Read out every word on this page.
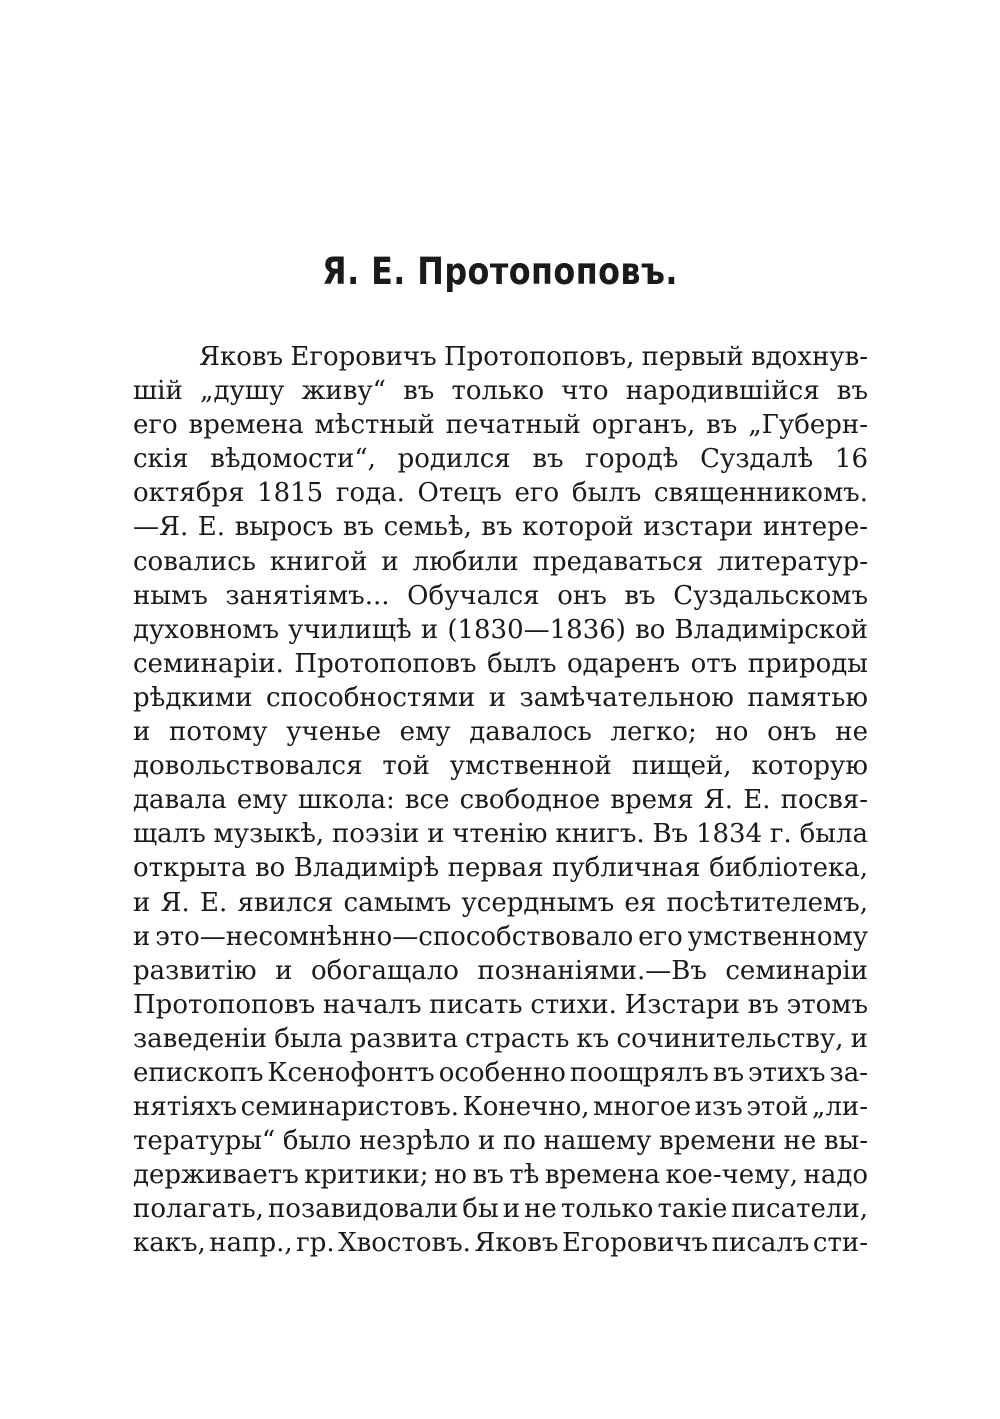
Я. Е. Протопоповъ.
Яковъ Егоровичъ Протопоповъ, первый вдохнув-
шій „душу живу“ въ только что народившійся въ
его времена мѣстный печатный органъ, въ „Губерн-
скія вѣдомости“, родился въ городѣ Суздалѣ 16
октября 1815 года. Отецъ его былъ священникомъ.
—Я. Е. выросъ въ семьѣ, въ которой изстари интере-
совались книгой и любили предаваться литератур-
нымъ занятіямъ... Обучался онъ въ Суздальскомъ
духовномъ училищѣ и (1830—1836) во Владимірской
семинаріи. Протопоповъ былъ одаренъ отъ природы
рѣдкими способностями и замѣчательною памятью
и потому ученье ему давалось легко; но онъ не
довольствовался той умственной пищей, которую
давала ему школа: все свободное время Я. Е. посвя-
щалъ музыкѣ, поэзіи и чтенію книгъ. Въ 1834 г. была
открыта во Владимірѣ первая публичная библіотека,
и Я. Е. явился самымъ усерднымъ ея посѣтителемъ,
и это—несомнѣнно—способствовало его умственному
развитію и обогащало познаніями.—Въ семинаріи
Протопоповъ началъ писать стихи. Изстари въ этомъ
заведеніи была развита страсть къ сочинительству, и
епископъ Ксенофонтъ особенно поощрялъ въ этихъ за-
нятіяхъ семинаристовъ. Конечно, многое изъ этой „ли-
тературы“ было незрѣло и по нашему времени не вы-
держиваетъ критики; но въ тѣ времена кое-чему, надо
полагать, позавидовали бы и не только такіе писатели,
какъ, напр., гр. Хвостовъ. Яковъ Егоровичъ писалъ сти-
